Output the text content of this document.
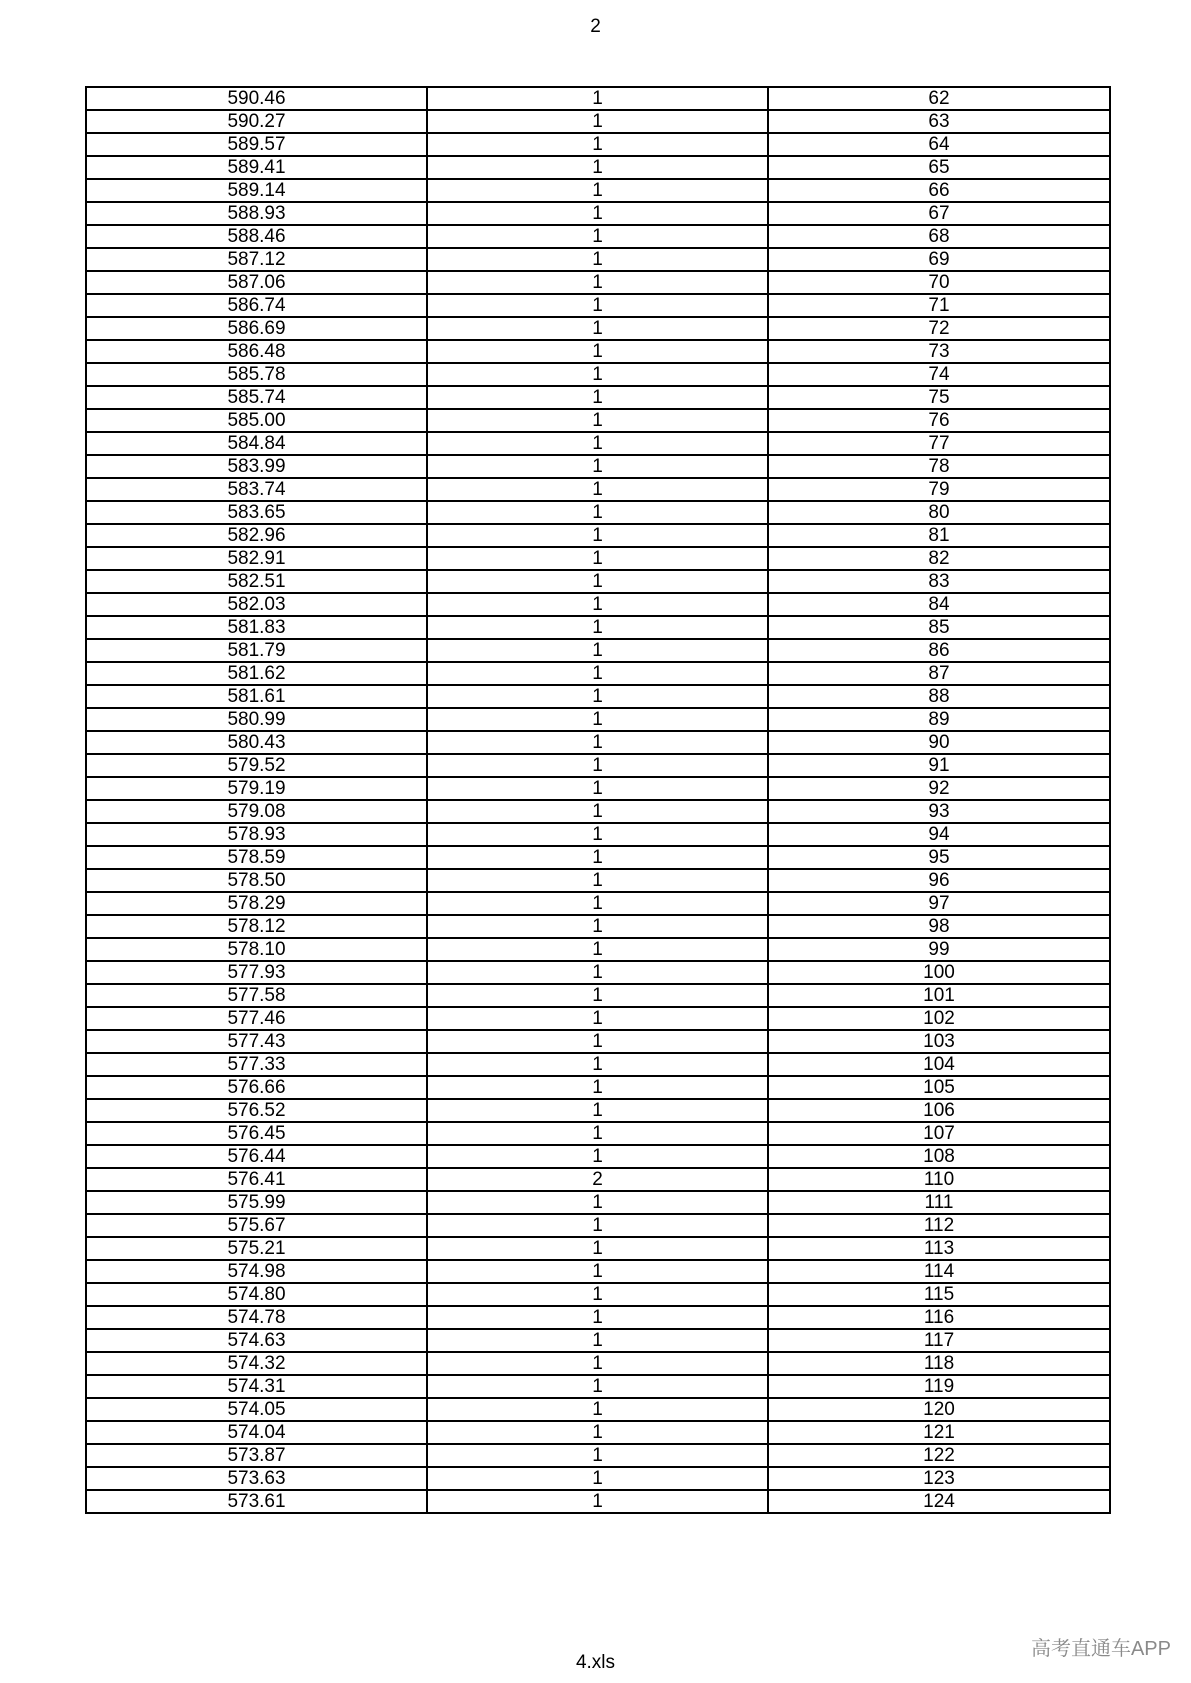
2
590.46	1	62
590.27	1	63
589.57	1	64
589.41	1	65
589.14	1	66
588.93	1	67
588.46	1	68
587.12	1	69
587.06	1	70
586.74	1	71
586.69	1	72
586.48	1	73
585.78	1	74
585.74	1	75
585.00	1	76
584.84	1	77
583.99	1	78
583.74	1	79
583.65	1	80
582.96	1	81
582.91	1	82
582.51	1	83
582.03	1	84
581.83	1	85
581.79	1	86
581.62	1	87
581.61	1	88
580.99	1	89
580.43	1	90
579.52	1	91
579.19	1	92
579.08	1	93
578.93	1	94
578.59	1	95
578.50	1	96
578.29	1	97
578.12	1	98
578.10	1	99
577.93	1	100
577.58	1	101
577.46	1	102
577.43	1	103
577.33	1	104
576.66	1	105
576.52	1	106
576.45	1	107
576.44	1	108
576.41	2	110
575.99	1	111
575.67	1	112
575.21	1	113
574.98	1	114
574.80	1	115
574.78	1	116
574.63	1	117
574.32	1	118
574.31	1	119
574.05	1	120
574.04	1	121
573.87	1	122
573.63	1	123
573.61	1	124
4.xls
高考直通车APP
